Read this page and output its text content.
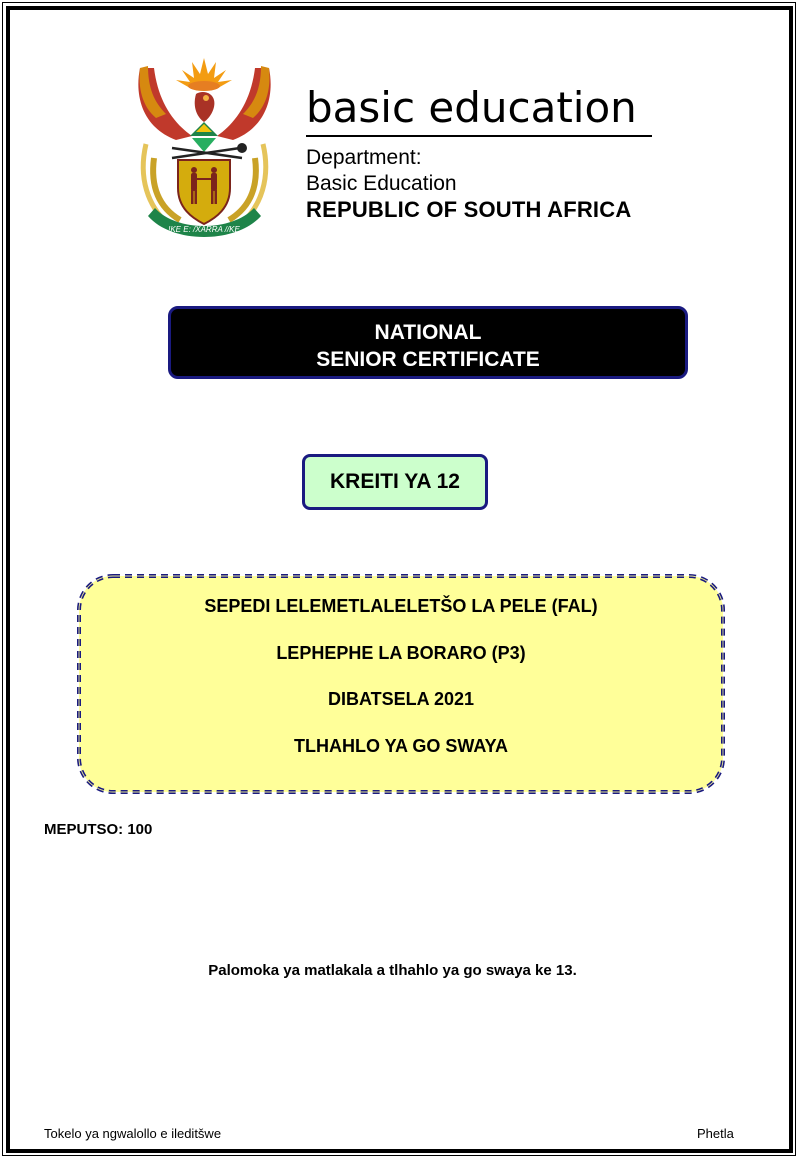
!KE E: /XARRA //KE
basic education
Department:
Basic Education
REPUBLIC OF SOUTH AFRICA
NATIONAL
SENIOR CERTIFICATE
KREITI YA 12
SEPEDI LELEMETLALELETŠO LA PELE (FAL)
LEPHEPHE LA BORARO (P3)
DIBATSELA 2021
TLHAHLO YA GO SWAYA
MEPUTSO: 100
Palomoka ya matlakala a tlhahlo ya go swaya ke 13.
Tokelo ya ngwalollo e ileditšwe	Phetla
